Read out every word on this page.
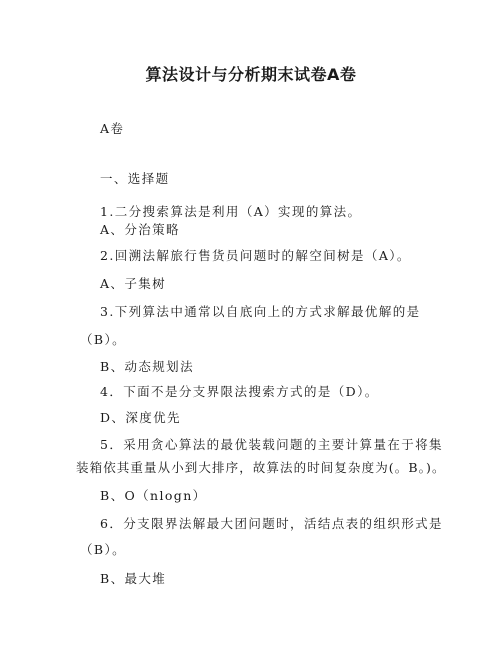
算法设计与分析期末试卷A卷
A卷
一、选择题
1.二分搜索算法是利用（A）实现的算法。
A、分治策略
2.回溯法解旅行售货员问题时的解空间树是（A）。
A、子集树
3.下列算法中通常以自底向上的方式求解最优解的是
（B）。
B、动态规划法
4．下面不是分支界限法搜索方式的是（D）。
D、深度优先
5．采用贪心算法的最优装载问题的主要计算量在于将集
装箱依其重量从小到大排序，故算法的时间复杂度为(。B。)。
B、O（nlogn）
6．分支限界法解最大团问题时，活结点表的组织形式是
（B）。
B、最大堆
